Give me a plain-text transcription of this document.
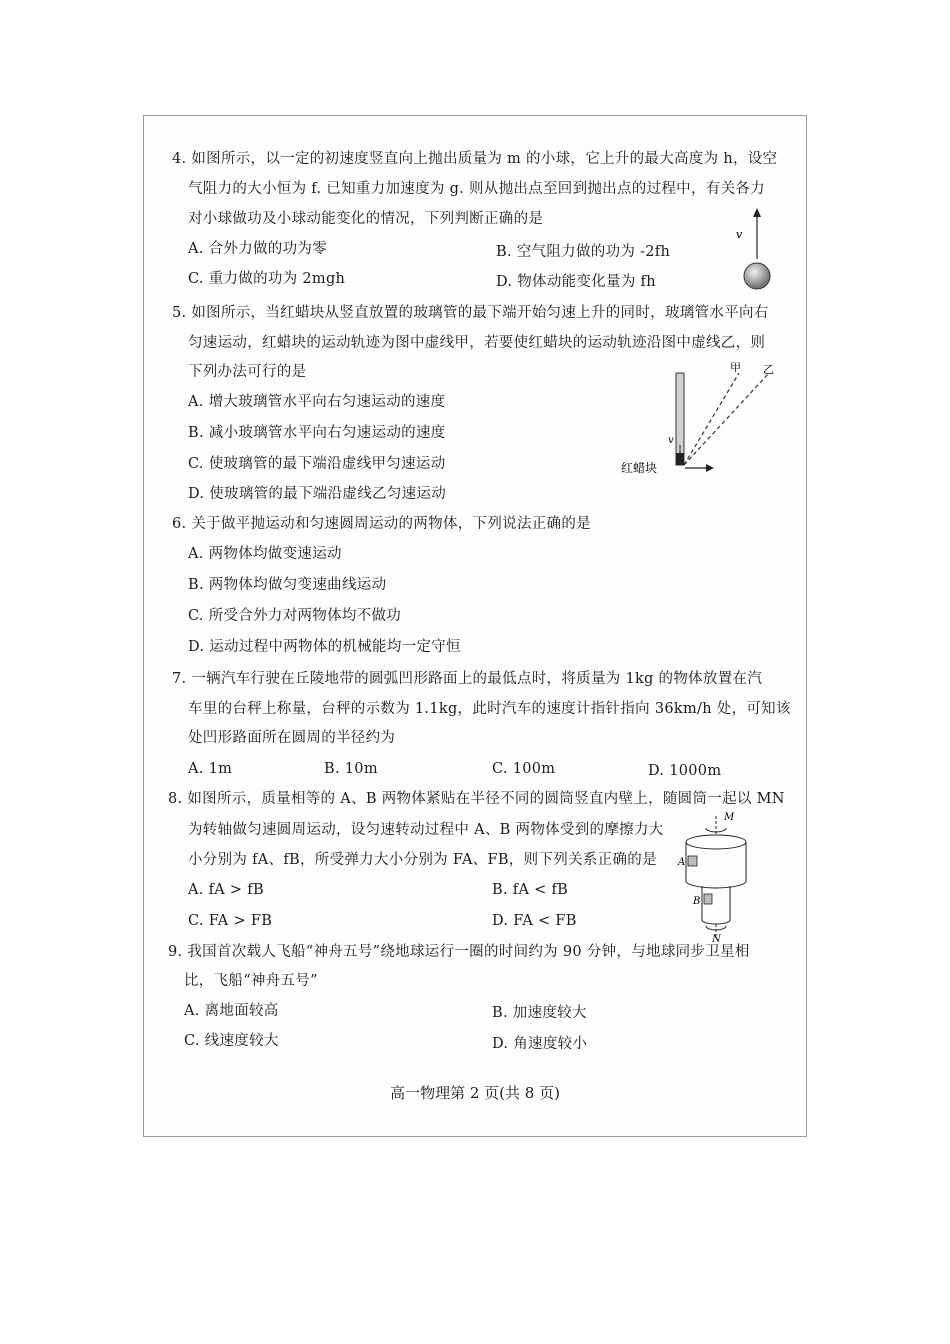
4. 如图所示，以一定的初速度竖直向上抛出质量为 m 的小球，它上升的最大高度为 h，设空
气阻力的大小恒为 f. 已知重力加速度为 g. 则从抛出点至回到抛出点的过程中，有关各力
对小球做功及小球动能变化的情况，下列判断正确的是
A. 合外力做的功为零	B. 空气阻力做的功为 -2fh
C. 重力做的功为 2mgh	D. 物体动能变化量为 fh
v
5. 如图所示，当红蜡块从竖直放置的玻璃管的最下端开始匀速上升的同时，玻璃管水平向右
匀速运动，红蜡块的运动轨迹为图中虚线甲，若要使红蜡块的运动轨迹沿图中虚线乙，则
下列办法可行的是
A. 增大玻璃管水平向右匀速运动的速度
B. 减小玻璃管水平向右匀速运动的速度
C. 使玻璃管的最下端沿虚线甲匀速运动
D. 使玻璃管的最下端沿虚线乙匀速运动
甲 乙
v
红蜡块
6. 关于做平抛运动和匀速圆周运动的两物体，下列说法正确的是
A. 两物体均做变速运动
B. 两物体均做匀变速曲线运动
C. 所受合外力对两物体均不做功
D. 运动过程中两物体的机械能均一定守恒
7. 一辆汽车行驶在丘陵地带的圆弧凹形路面上的最低点时，将质量为 1kg 的物体放置在汽
车里的台秤上称量，台秤的示数为 1.1kg，此时汽车的速度计指针指向 36km/h 处，可知该
处凹形路面所在圆周的半径约为
A. 1m	B. 10m	C. 100m	D. 1000m
8. 如图所示，质量相等的 A、B 两物体紧贴在半径不同的圆筒竖直内壁上，随圆筒一起以 MN
为转轴做匀速圆周运动，设匀速转动过程中 A、B 两物体受到的摩擦力大
小分别为 fA、fB，所受弹力大小分别为 FA、FB，则下列关系正确的是
A. fA > fB	B. fA < fB
C. FA > FB	D. FA < FB
M
A
B
N
9. 我国首次载人飞船“神舟五号”绕地球运行一圈的时间约为 90 分钟，与地球同步卫星相
比，飞船“神舟五号”
A. 离地面较高	B. 加速度较大
C. 线速度较大	D. 角速度较小
高一物理第 2 页(共 8 页)
